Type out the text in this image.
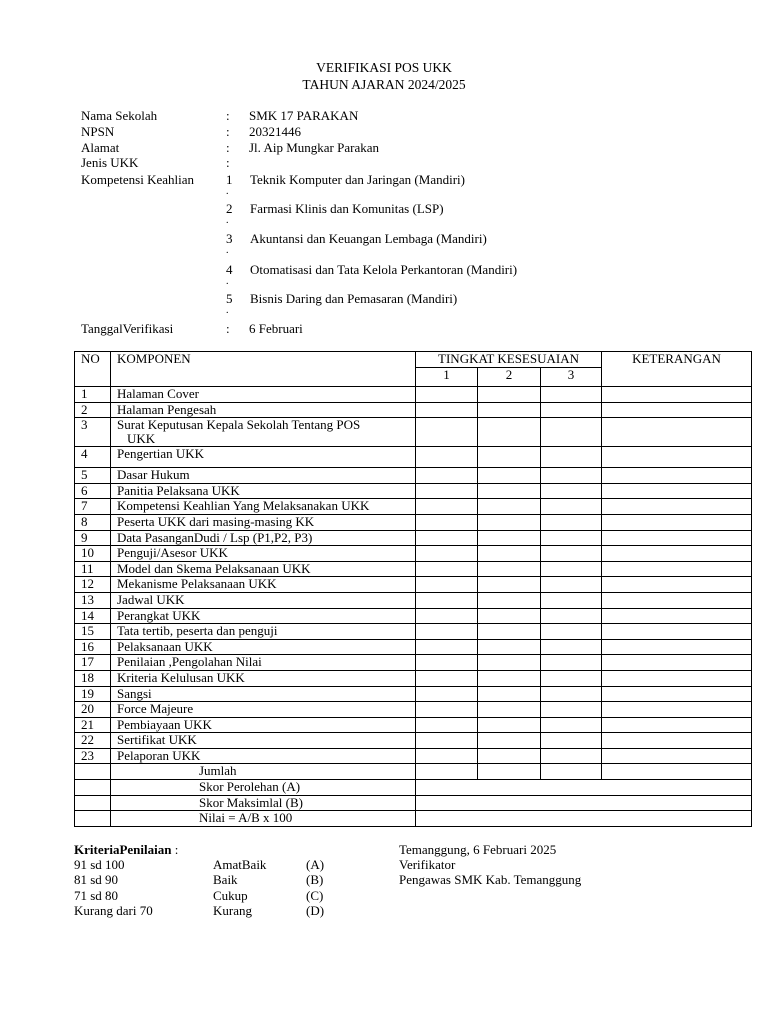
VERIFIKASI POS UKK
TAHUN AJARAN 2024/2025
Nama Sekolah	: SMK 17 PARAKAN
NPSN	: 20321446
Alamat	: Jl. Aip Mungkar Parakan
Jenis UKK	:
Kompetensi Keahlian	1
.
Teknik Komputer dan Jaringan (Mandiri)
2
.
Farmasi Klinis dan Komunitas (LSP)
3
.
Akuntansi dan Keuangan Lembaga (Mandiri)
4
.
Otomatisasi dan Tata Kelola Perkantoran (Mandiri)
5
.
Bisnis Daring dan Pemasaran (Mandiri)
TanggalVerifikasi	: 6 Februari
NO	KOMPONEN	TINGKAT KESESUAIAN			KETERANGAN
		1	2	3	
1	Halaman Cover				
2	Halaman Pengesah				
3	Surat Keputusan Kepala Sekolah Tentang POS
UKK				

4	Pengertian UKK				
5	Dasar Hukum				
6	Panitia Pelaksana UKK				
7	Kompetensi Keahlian Yang Melaksanakan UKK				
8	Peserta UKK dari masing-masing KK				
9	Data PasanganDudi / Lsp (P1,P2, P3)				
10	Penguji/Asesor UKK				
11	Model dan Skema Pelaksanaan UKK				
12	Mekanisme Pelaksanaan UKK				
13	Jadwal UKK				
14	Perangkat UKK				
15	Tata tertib, peserta dan penguji				
16	Pelaksanaan UKK				
17	Penilaian ,Pengolahan Nilai				
18	Kriteria Kelulusan UKK				
19	Sangsi				
20	Force Majeure				
21	Pembiayaan UKK				
22	Sertifikat UKK				
23	Pelaporan UKK				
	Jumlah				
	Skor Perolehan (A)				
	Skor Maksimlal (B)				
	Nilai = A/B x 100				
KriteriaPenilaian :
91 sd 100	AmatBaik	(A)
81 sd 90	Baik	(B)
71 sd 80	Cukup	(C)
Kurang dari 70	Kurang	(D)
Temanggung, 6 Februari 2025
Verifikator
Pengawas SMK Kab. Temanggung
